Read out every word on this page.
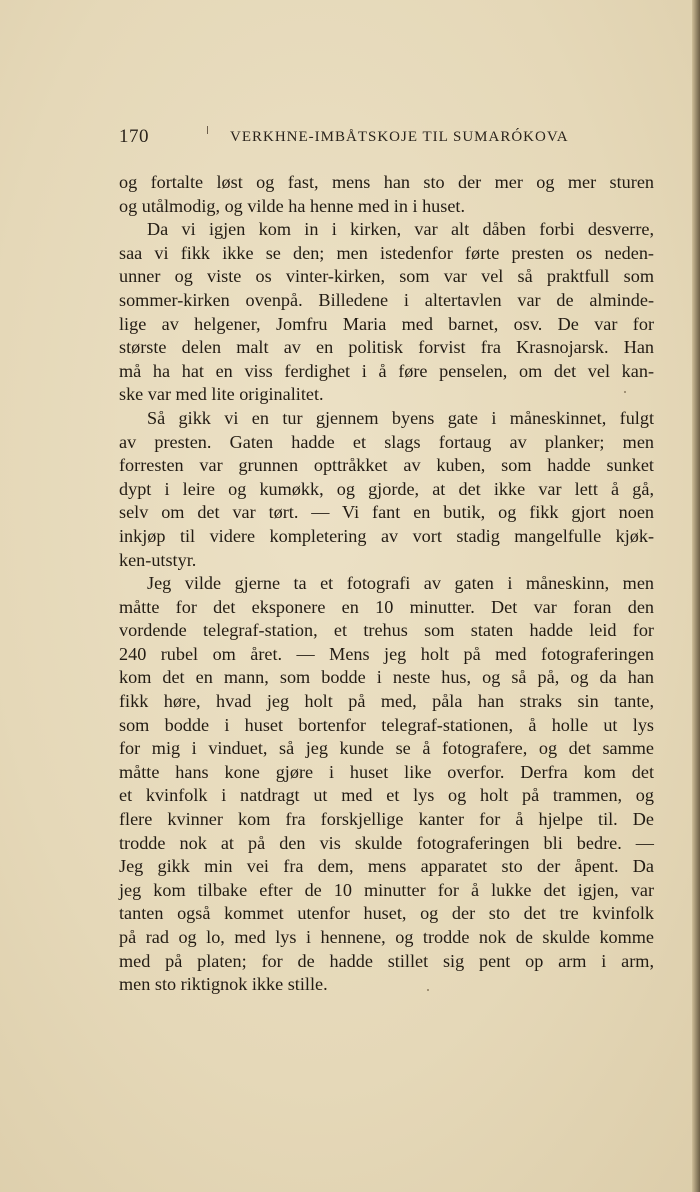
170	VERKHNE-IMBÅTSKOJE TIL SUMARÓKOVA
og fortalte løst og fast, mens han sto der mer og mer sturen
og utålmodig, og vilde ha henne med in i huset.
Da vi igjen kom in i kirken, var alt dåben forbi desverre,
saa vi fikk ikke se den; men istedenfor førte presten os neden-
unner og viste os vinter-kirken, som var vel så praktfull som
sommer-kirken ovenpå. Billedene i altertavlen var de alminde-
lige av helgener, Jomfru Maria med barnet, osv. De var for
største delen malt av en politisk forvist fra Krasnojarsk. Han
må ha hat en viss ferdighet i å føre penselen, om det vel kan-
ske var med lite originalitet.
Så gikk vi en tur gjennem byens gate i måneskinnet, fulgt
av presten. Gaten hadde et slags fortaug av planker; men
forresten var grunnen opttråkket av kuben, som hadde sunket
dypt i leire og kumøkk, og gjorde, at det ikke var lett å gå,
selv om det var tørt. — Vi fant en butik, og fikk gjort noen
inkjøp til videre kompletering av vort stadig mangelfulle kjøk-
ken-utstyr.
Jeg vilde gjerne ta et fotografi av gaten i måneskinn, men
måtte for det eksponere en 10 minutter. Det var foran den
vordende telegraf-station, et trehus som staten hadde leid for
240 rubel om året. — Mens jeg holt på med fotograferingen
kom det en mann, som bodde i neste hus, og så på, og da han
fikk høre, hvad jeg holt på med, påla han straks sin tante,
som bodde i huset bortenfor telegraf-stationen, å holle ut lys
for mig i vinduet, så jeg kunde se å fotografere, og det samme
måtte hans kone gjøre i huset like overfor. Derfra kom det
et kvinfolk i natdragt ut med et lys og holt på trammen, og
flere kvinner kom fra forskjellige kanter for å hjelpe til. De
trodde nok at på den vis skulde fotograferingen bli bedre. —
Jeg gikk min vei fra dem, mens apparatet sto der åpent. Da
jeg kom tilbake efter de 10 minutter for å lukke det igjen, var
tanten også kommet utenfor huset, og der sto det tre kvinfolk
på rad og lo, med lys i hennene, og trodde nok de skulde komme
med på platen; for de hadde stillet sig pent op arm i arm,
men sto riktignok ikke stille.
